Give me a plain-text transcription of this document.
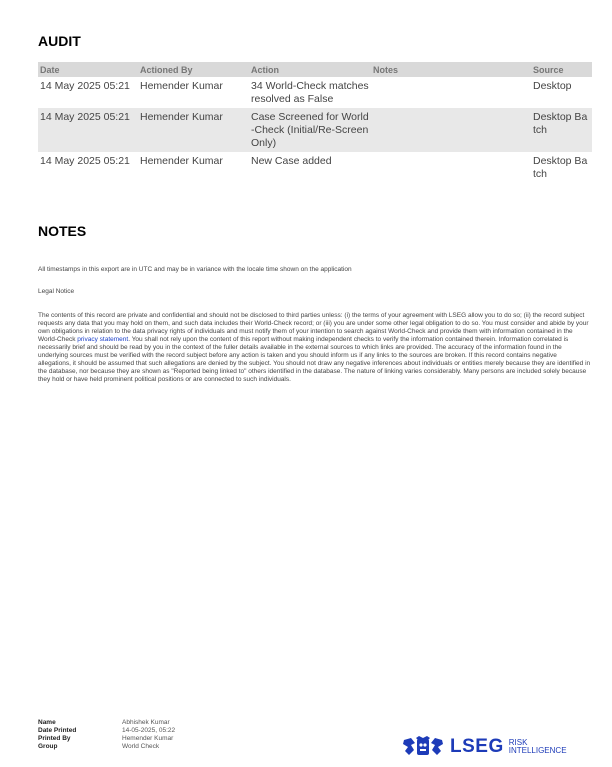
AUDIT
Date	Actioned By	Action	Notes	Source
14 May 2025 05:21	Hemender Kumar	34 World-Check matches resolved as False		Desktop
14 May 2025 05:21	Hemender Kumar	Case Screened for World-Check (Initial/Re-Screen Only)		Desktop Batch
14 May 2025 05:21	Hemender Kumar	New Case added		Desktop Batch
NOTES

All timestamps in this export are in UTC and may be in variance with the locale time shown on the application

Legal Notice

The contents of this record are private and confidential and should not be disclosed to third parties unless: (i) the terms of your agreement with LSEG allow you to do so; (ii) the record subject requests any data that you may hold on them, and such data includes their World-Check record; or (iii) you are under some other legal obligation to do so. You must consider and abide by your own obligations in relation to the data privacy rights of individuals and must notify them of your intention to search against World-Check and provide them with information contained in the World-Check privacy statement. You shall not rely upon the content of this report without making independent checks to verify the information contained therein. Information correlated is necessarily brief and should be read by you in the context of the fuller details available in the external sources to which links are provided. The accuracy of the information found in the underlying sources must be verified with the record subject before any action is taken and you should inform us if any links to the sources are broken. If this record contains negative allegations, it should be assumed that such allegations are denied by the subject. You should not draw any negative inferences about individuals or entities merely because they are identified in the database, nor because they are shown as "Reported being linked to" others identified in the database. The nature of linking varies considerably. Many persons are included solely because they hold or have held prominent political positions or are connected to such individuals.

Name	Abhishek Kumar
Date Printed	14-05-2025, 05:22
Printed By	Hemender Kumar
Group	World Check	LSEG RISK
INTELLIGENCE
